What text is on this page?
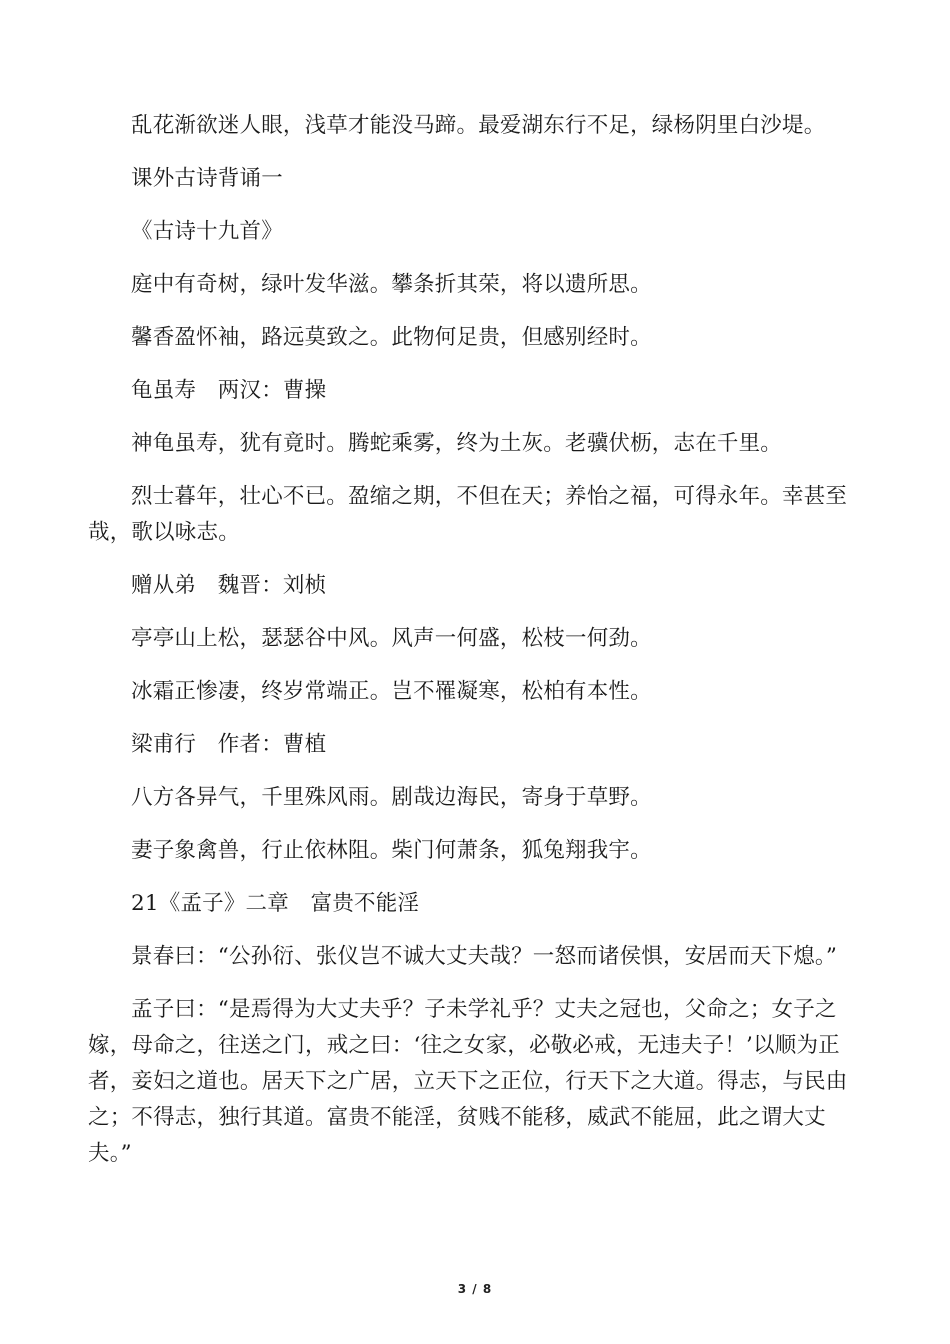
乱花渐欲迷人眼，浅草才能没马蹄。最爱湖东行不足，绿杨阴里白沙堤。

课外古诗背诵一

《古诗十九首》

庭中有奇树，绿叶发华滋。攀条折其荣，将以遗所思。

馨香盈怀袖，路远莫致之。此物何足贵，但感别经时。

龟虽寿　两汉：曹操

神龟虽寿，犹有竟时。腾蛇乘雾，终为土灰。老骥伏枥，志在千里。

烈士暮年，壮心不已。盈缩之期，不但在天；养怡之福，可得永年。幸甚至哉，歌以咏志。

赠从弟　魏晋：刘桢

亭亭山上松，瑟瑟谷中风。风声一何盛，松枝一何劲。

冰霜正惨凄，终岁常端正。岂不罹凝寒，松柏有本性。

梁甫行　作者：曹植

八方各异气，千里殊风雨。剧哉边海民，寄身于草野。

妻子象禽兽，行止依林阻。柴门何萧条，狐兔翔我宇。

21《孟子》二章　富贵不能淫

景春曰：“公孙衍、张仪岂不诚大丈夫哉？一怒而诸侯惧，安居而天下熄。”

孟子曰：“是焉得为大丈夫乎？子未学礼乎？丈夫之冠也，父命之；女子之嫁，母命之，往送之门，戒之曰：‘往之女家，必敬必戒，无违夫子！’以顺为正者，妾妇之道也。居天下之广居，立天下之正位，行天下之大道。得志，与民由之；不得志，独行其道。富贵不能淫，贫贱不能移，威武不能屈，此之谓大丈夫。”

3 / 8
